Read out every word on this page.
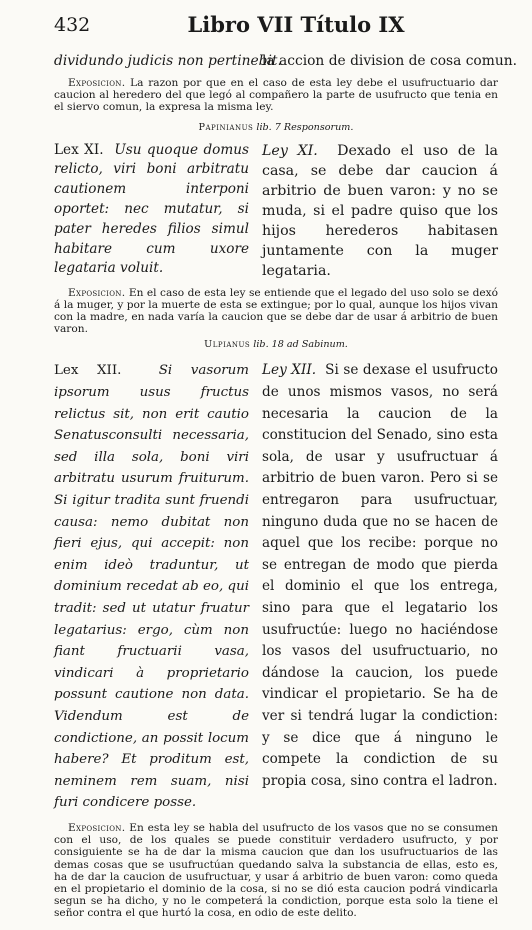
432	Libro VII Título IX
dividundo judicis non pertinebit.
la accion de division de cosa comun.

Exposicion. La razon por que en el caso de esta ley debe el usufructuario dar caucion al heredero del que legó al compañero la parte de usufructo que tenia en el siervo comun, la expresa la misma ley.

Papinianus lib. 7 Responsorum.
Lex XI. Usu quoque domus relicto, viri boni arbitratu cautionem interponi oportet: nec mutatur, si pater heredes filios simul habitare cum uxore legataria voluit.
Ley XI. Dexado el uso de la casa, se debe dar caucion á arbitrio de buen varon: y no se muda, si el padre quiso que los hijos herederos habitasen juntamente con la muger legataria.

Exposicion. En el caso de esta ley se entiende que el legado del uso solo se dexó á la muger, y por la muerte de esta se extingue; por lo qual, aunque los hijos vivan con la madre, en nada varía la caucion que se debe dar de usar á arbitrio de buen varon.

Ulpianus lib. 18 ad Sabinum.
Lex XII.	Si vasorum ipsorum usus fructus relictus sit, non erit cautio Senatusconsulti necessaria, sed illa sola, boni viri arbitratu usurum fruiturum. Si igitur tradita sunt fruendi causa: nemo dubitat non fieri ejus, qui accepit: non enim ideò traduntur, ut dominium recedat ab eo, qui tradit: sed ut utatur fruatur legatarius: ergo, cùm non fiant fructuarii vasa, vindicari à proprietario possunt cautione non data. Videndum est de condictione, an possit locum habere? Et proditum est, neminem rem suam, nisi furi condicere posse.
Ley XII. Si se dexase el usufructo de unos mismos vasos, no será necesaria la caucion de la constitucion del Senado, sino esta sola, de usar y usufructuar á arbitrio de buen varon. Pero si se entregaron para usufructuar, ninguno duda que no se hacen de aquel que los recibe: porque no se entregan de modo que pierda el dominio el que los entrega, sino para que el legatario los usufructúe: luego no haciéndose los vasos del usufructuario, no dándose la caucion, los puede vindicar el propietario. Se ha de ver si tendrá lugar la condiction: y se dice que á ninguno le compete la condiction de su propia cosa, sino contra el ladron.

Exposicion. En esta ley se habla del usufructo de los vasos que no se consumen con el uso, de los quales se puede constituir verdadero usufructo, y por consiguiente se ha de dar la misma caucion que dan los usufructuarios de las demas cosas que se usufructúan quedando salva la substancia de ellas, esto es, ha de dar la caucion de usufructuar, y usar á arbitrio de buen varon: como queda en el propietario el dominio de la cosa, si no se dió esta caucion podrá vindicarla segun se ha dicho, y no le competerá la condiction, porque esta solo la tiene el señor contra el que hurtó la cosa, en odio de este delito.
